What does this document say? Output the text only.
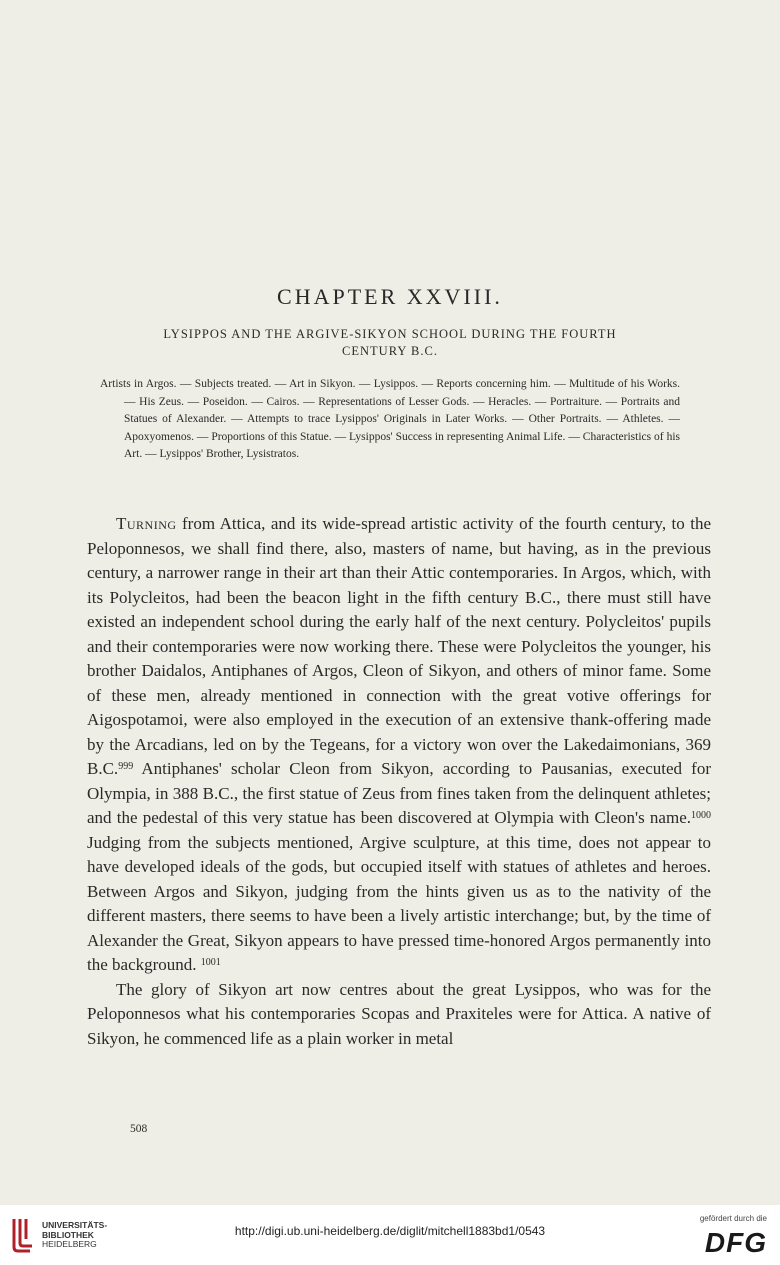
CHAPTER XXVIII.
LYSIPPOS AND THE ARGIVE-SIKYON SCHOOL DURING THE FOURTH
CENTURY B.C.

Artists in Argos. — Subjects treated. — Art in Sikyon. — Lysippos. — Reports concerning him. — Multitude of his Works. — His Zeus. — Poseidon. — Cairos. — Representations of Lesser Gods. — Heracles. — Portraiture. — Portraits and Statues of Alexander. — Attempts to trace Lysippos' Originals in Later Works. — Other Portraits. — Athletes. — Apoxyomenos. — Proportions of this Statue. — Lysippos' Success in representing Animal Life. — Characteristics of his Art. — Lysippos' Brother, Lysistratos.

Turning from Attica, and its wide-spread artistic activity of the fourth century, to the Peloponnesos, we shall find there, also, masters of name, but having, as in the previous century, a narrower range in their art than their Attic contemporaries. In Argos, which, with its Polycleitos, had been the beacon light in the fifth century B.C., there must still have existed an independent school during the early half of the next century. Polycleitos' pupils and their contemporaries were now working there. These were Polycleitos the younger, his brother Daidalos, Antiphanes of Argos, Cleon of Sikyon, and others of minor fame. Some of these men, already mentioned in connection with the great votive offerings for Aigospotamoi, were also employed in the execution of an extensive thank-offering made by the Arcadians, led on by the Tegeans, for a victory won over the Lakedaimonians, 369 B.C.$^{999}$ Antiphanes' scholar Cleon from Sikyon, according to Pausanias, executed for Olympia, in 388 B.C., the first statue of Zeus from fines taken from the delinquent athletes; and the pedestal of this very statue has been discovered at Olympia with Cleon's name.$^{1000}$ Judging from the subjects mentioned, Argive sculpture, at this time, does not appear to have developed ideals of the gods, but occupied itself with statues of athletes and heroes. Between Argos and Sikyon, judging from the hints given us as to the nativity of the different masters, there seems to have been a lively artistic interchange; but, by the time of Alexander the Great, Sikyon appears to have pressed time-honored Argos permanently into the background. $^{1001}$

The glory of Sikyon art now centres about the great Lysippos, who was for the Peloponnesos what his contemporaries Scopas and Praxiteles were for Attica. A native of Sikyon, he commenced life as a plain worker in metal

508
UNIVERSITÄTS-
BIBLIOTHEK
HEIDELBERG
http://digi.ub.uni-heidelberg.de/diglit/mitchell1883bd1/0543
gefördert durch die
DFG
